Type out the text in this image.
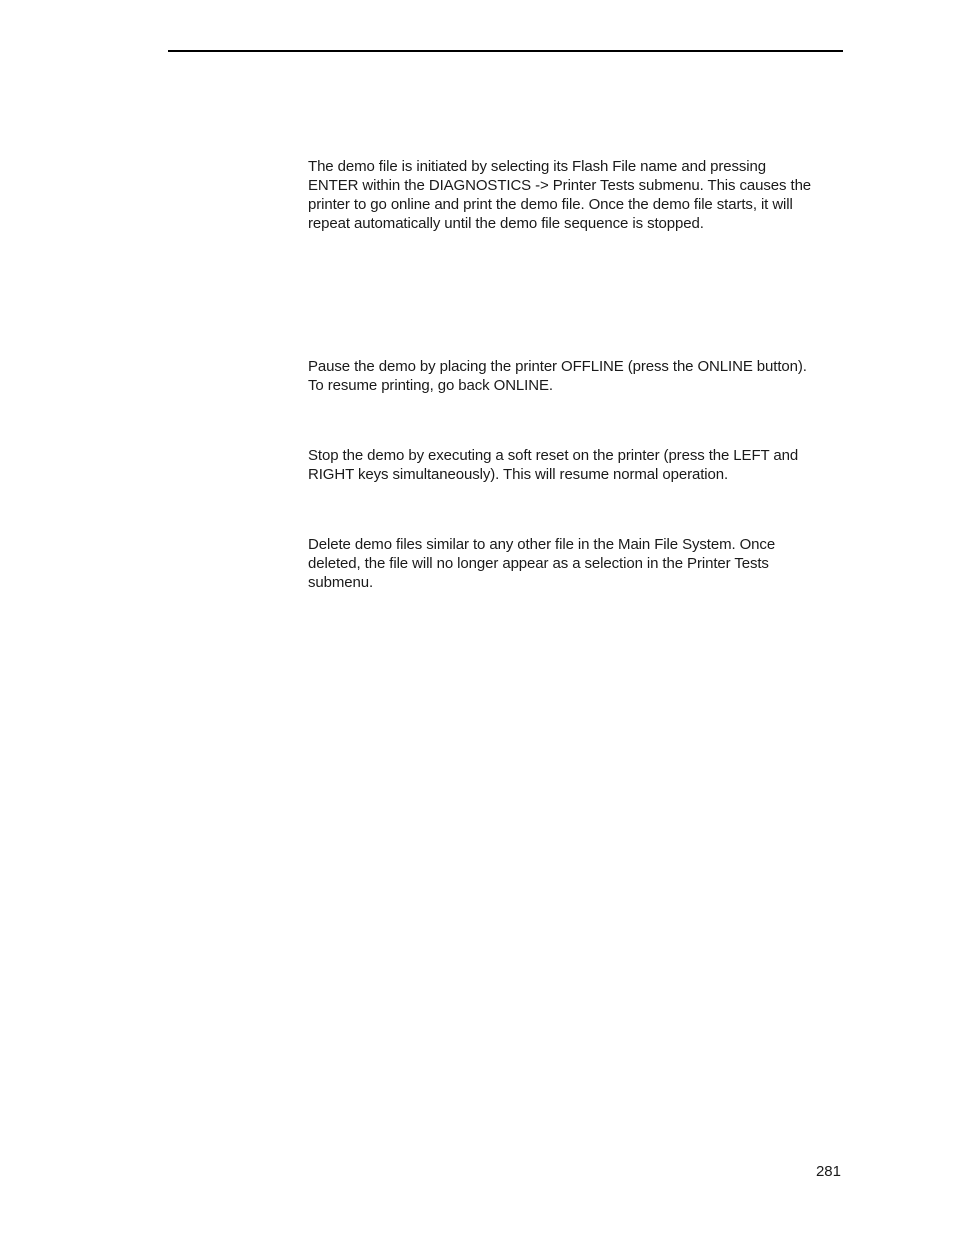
The demo file is initiated by selecting its Flash File name and pressing
ENTER within the DIAGNOSTICS -> Printer Tests submenu. This causes the
printer to go online and print the demo file. Once the demo file starts, it will
repeat automatically until the demo file sequence is stopped.

Pause the demo by placing the printer OFFLINE (press the ONLINE button).
To resume printing, go back ONLINE.

Stop the demo by executing a soft reset on the printer (press the LEFT and
RIGHT keys simultaneously). This will resume normal operation.

Delete demo files similar to any other file in the Main File System. Once
deleted, the file will no longer appear as a selection in the Printer Tests
submenu.

281
